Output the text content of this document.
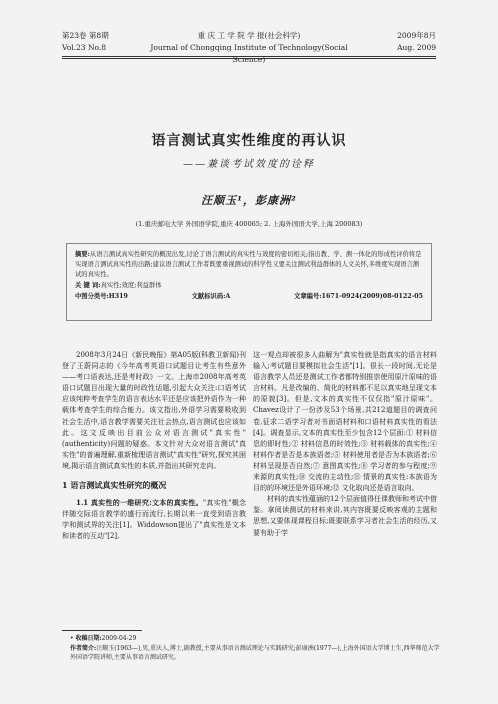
第23卷 第8期	重 庆 工 学 院 学 报(社会科学)	2009年8月
Vol.23 No.8	Journal of Chongqing Institute of Technology(Social Science)
Aug. 2009
语言测试真实性维度的再认识
——兼谈考试效度的诠释
汪顺玉¹，彭康洲²
(1.重庆邮电大学 外国语学院,重庆 400065; 2. 上海外国语大学,上海 200083)
摘要:从语言测试真实性研究的概况出发,讨论了语言测试的真实性与效度的密切相关;指出教、学、测一体化的形成性评价将是实现语言测试真实性的出路;建议语言测试工作者既要重视测试的科学性又要关注测试利益群体的人文关怀,多维度实现语言测试的真实性。
关 键 词:真实性;效度;利益群体
中图分类号:H319	文献标识码:A	文章编号:1671-0924(2009)08-0122-05

2008年3月24日《新民晚报》第A05版(科教卫新闻)刊登了王蔚同志的《今年高考英语口试题目让考生有些意外——考口语表达,还是考时政》一文。上海市2008年高考英语口试题目出现大量的时政性话题,引起大众关注:口语考试应该纯粹考查学生的语言表达水平还是应该把外语作为一种载体考查学生的综合能力。该文指出,外语学习需要吸收到社会生活中,语言教学需要关注社会热点,语言测试也应该如此。这文反映出目前公众对语言测试"真实性"(authenticity)问题的疑惑。本文针对大众对语言测试"真实性"的普遍理解,重新梳理语言测试"真实性"研究,探究其困境,揭示语言测试真实性的本质,并指出其研究走向。

1 语言测试真实性研究的概况

1.1 真实性的一维研究:文本的真实性。"真实性"概念伴随交际语言教学的盛行而流行,长期以来一直受到语言教学和测试界的关注[1]。Widdowson提出了"真实性是文本和读者的互动"[2],

这一观点却被很多人曲解为"真实性就是指真实的语言材料输入;考试题目要模拟社会生活"[1]。很长一段时间,无论是语言教学人员还是测试工作者都特别推崇使用原汁原味的语言材料。凡是改编的、简化的材料都不足以真实地呈现文本的原貌[3]。但是,文本的真实性不仅仅指"原汁原味"。Chavez设计了一份涉及53个场景,共212道题目的调查问卷,征求二语学习者对书面语材料和口语材料真实性的看法[4]。调查显示,文本的真实性至少包含12个层面:① 材料信息的即时性;② 材料信息的时效性;③ 材料载体的真实性;④ 材料作者是否是本族语者;⑤ 材料使用者是否为本族语者;⑥ 材料呈现是否自然;⑦ 意图真实性;⑧ 学习者的参与程度;⑨ 来源的真实性;⑩ 交流的主动性;⑪ 情景的真实性:本族语为目的的环境还是外语环境;⑫ 文化取向还是语言取向。

材料的真实性蕴涵的12个层面值得任课教师和考试中借鉴。拿阅读测试的材料来讲,其内容既要反映客观的主题和思想,又要体现课程目标;既要联系学习者社会生活的经历,又要有助于学

• 收稿日期:2009-04-29
作者简介:汪顺玉(1963—),男,重庆人,博士,副教授,主要从事语言测试理论与实践研究;彭康洲(1977—),上海外国语大学博士生,西华师范大学外国语学院讲师,主要从事语言测试研究。
